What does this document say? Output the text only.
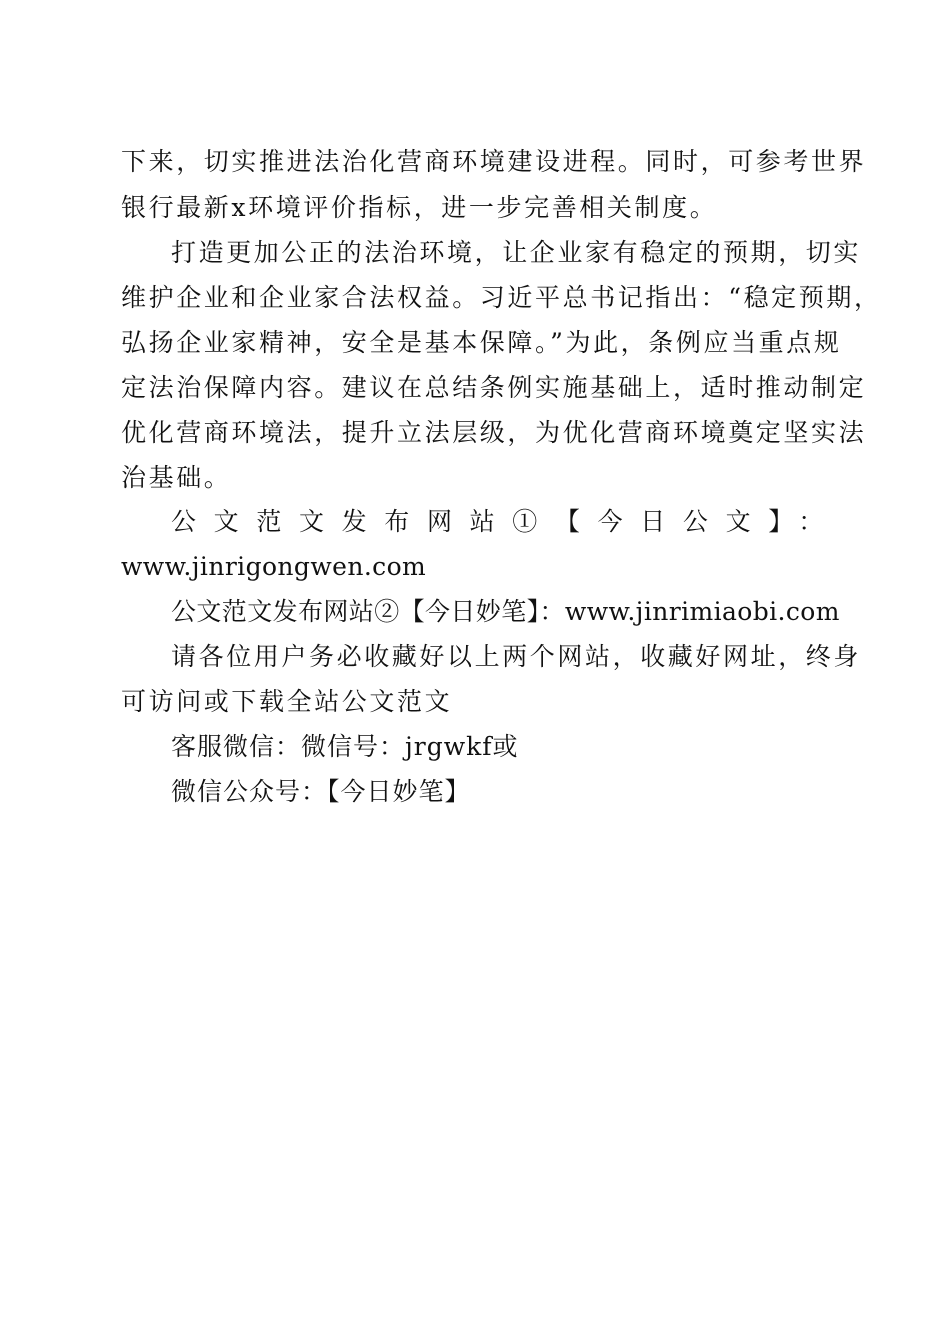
下来，切实推进法治化营商环境建设进程。同时，可参考世界
银行最新x环境评价指标，进一步完善相关制度。
打造更加公正的法治环境，让企业家有稳定的预期，切实
维护企业和企业家合法权益。习近平总书记指出：“稳定预期，
弘扬企业家精神，安全是基本保障。”为此，条例应当重点规
定法治保障内容。建议在总结条例实施基础上，适时推动制定
优化营商环境法，提升立法层级，为优化营商环境奠定坚实法
治基础。
公文范文发布网站①【今日公文】：
www.jinrigongwen.com
公文范文发布网站②【今日妙笔】：www.jinrimiaobi.com
请各位用户务必收藏好以上两个网站，收藏好网址，终身
可访问或下载全站公文范文
客服微信：微信号：jrgwkf或
微信公众号：【今日妙笔】
